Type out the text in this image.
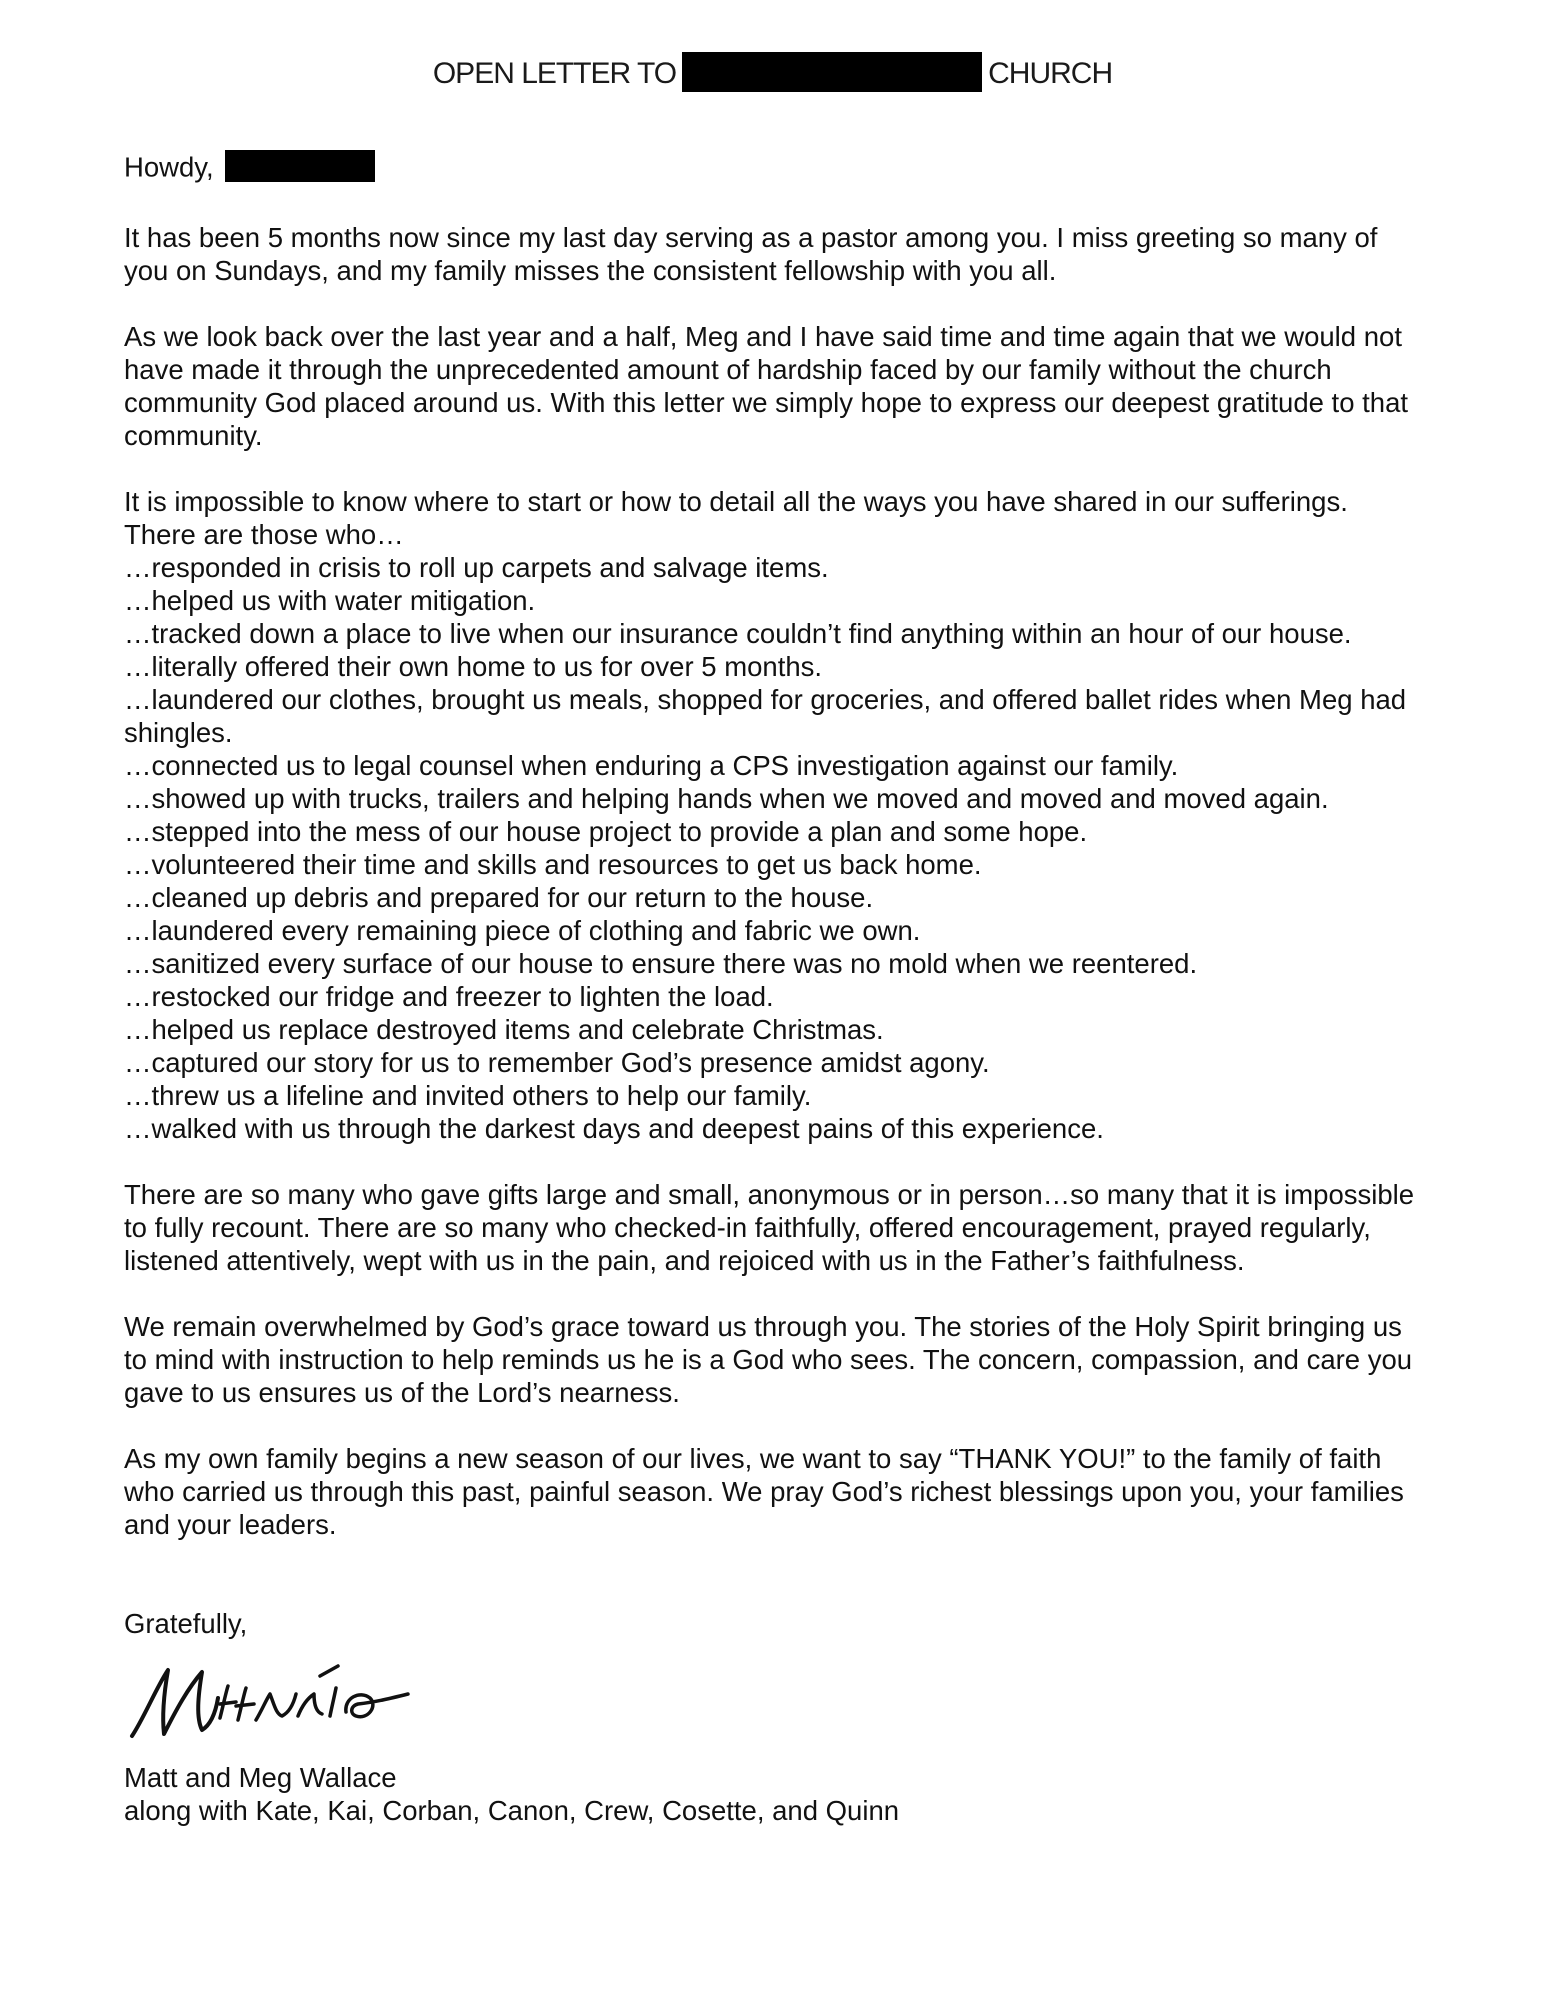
OPEN LETTER TO	CHURCH
Howdy,

It has been 5 months now since my last day serving as a pastor among you. I miss greeting so many of you on Sundays, and my family misses the consistent fellowship with you all.

As we look back over the last year and a half, Meg and I have said time and time again that we would not have made it through the unprecedented amount of hardship faced by our family without the church community God placed around us. With this letter we simply hope to express our deepest gratitude to that community.

It is impossible to know where to start or how to detail all the ways you have shared in our sufferings. There are those who…

…responded in crisis to roll up carpets and salvage items.
…helped us with water mitigation.
…tracked down a place to live when our insurance couldn’t find anything within an hour of our house.
…literally offered their own home to us for over 5 months.
…laundered our clothes, brought us meals, shopped for groceries, and offered ballet rides when Meg had shingles.
…connected us to legal counsel when enduring a CPS investigation against our family.
…showed up with trucks, trailers and helping hands when we moved and moved and moved again.
…stepped into the mess of our house project to provide a plan and some hope.
…volunteered their time and skills and resources to get us back home.
…cleaned up debris and prepared for our return to the house.
…laundered every remaining piece of clothing and fabric we own.
…sanitized every surface of our house to ensure there was no mold when we reentered.
…restocked our fridge and freezer to lighten the load.
…helped us replace destroyed items and celebrate Christmas.
…captured our story for us to remember God’s presence amidst agony.
…threw us a lifeline and invited others to help our family.
…walked with us through the darkest days and deepest pains of this experience.

There are so many who gave gifts large and small, anonymous or in person…so many that it is impossible to fully recount. There are so many who checked-in faithfully, offered encouragement, prayed regularly, listened attentively, wept with us in the pain, and rejoiced with us in the Father’s faithfulness.

We remain overwhelmed by God’s grace toward us through you. The stories of the Holy Spirit bringing us to mind with instruction to help reminds us he is a God who sees. The concern, compassion, and care you gave to us ensures us of the Lord’s nearness.

As my own family begins a new season of our lives, we want to say “THANK YOU!” to the family of faith who carried us through this past, painful season. We pray God’s richest blessings upon you, your families and your leaders.

Gratefully,
Matt and Meg Wallace
along with Kate, Kai, Corban, Canon, Crew, Cosette, and Quinn
